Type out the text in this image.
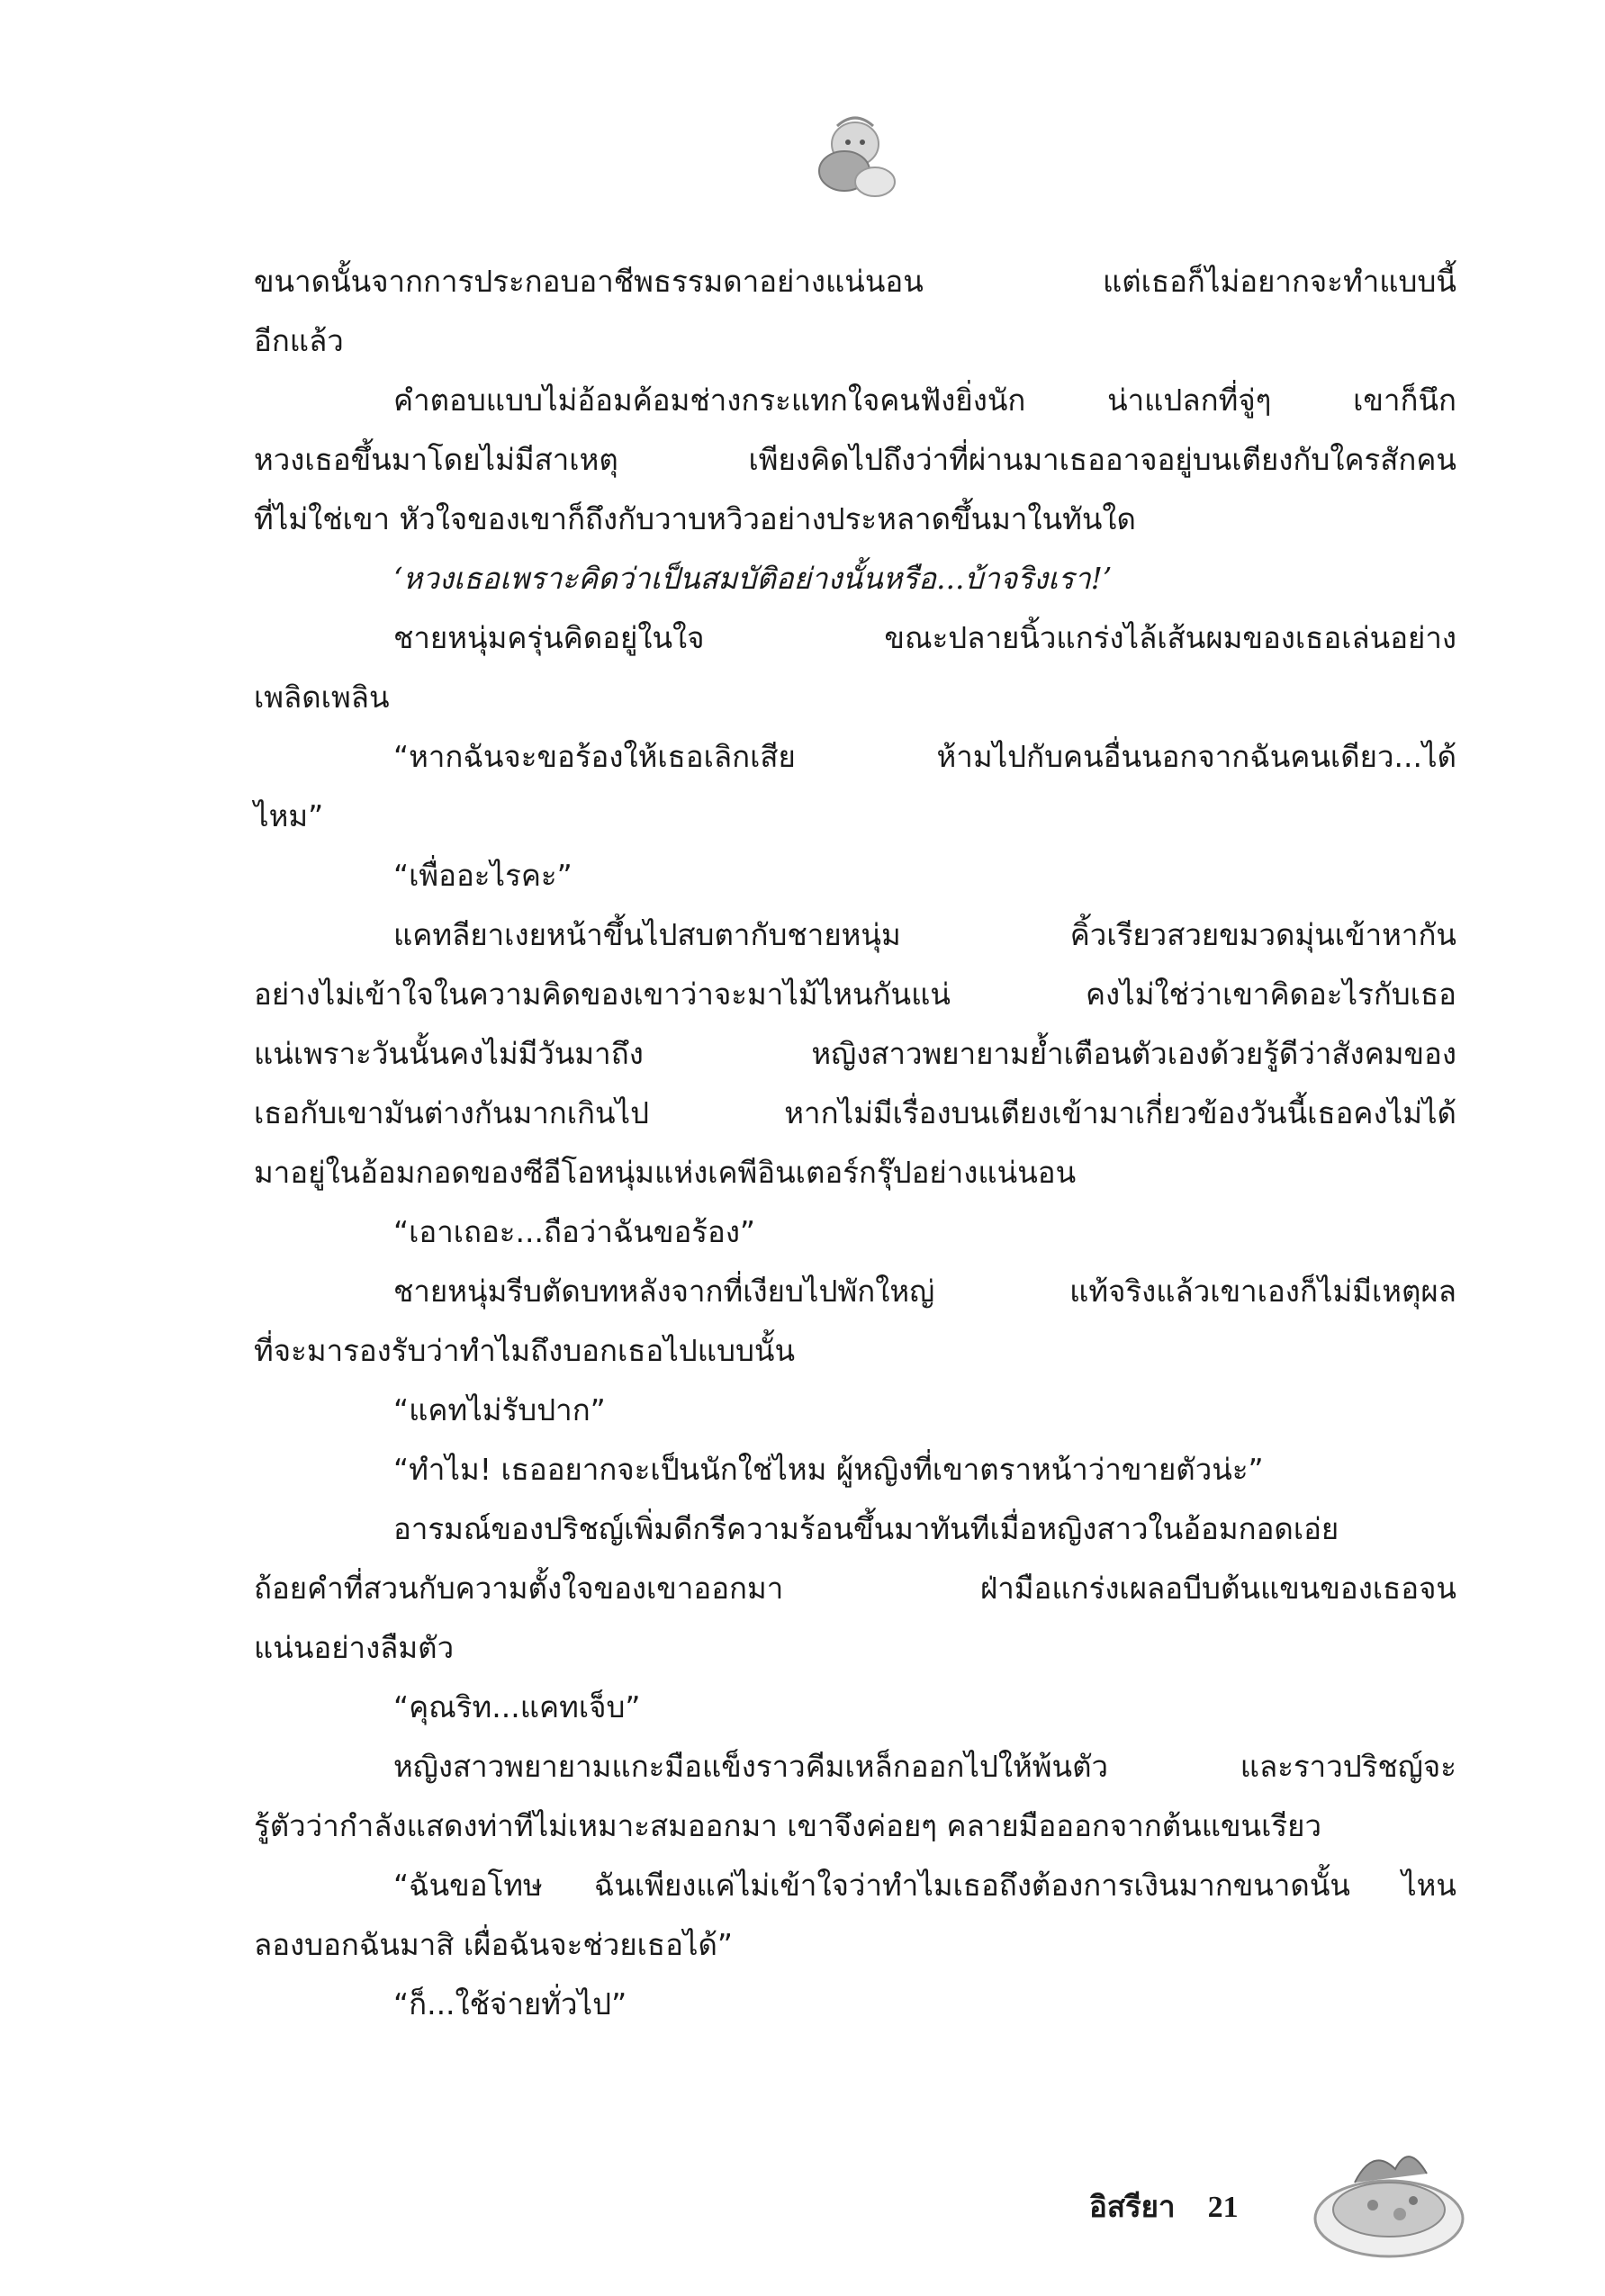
ขนาดนั้นจากการประกอบอาชีพธรรมดาอย่างแน่นอน แต่เธอก็ไม่อยากจะทำแบบนี้
อีกแล้ว
คำตอบแบบไม่อ้อมค้อมช่างกระแทกใจคนฟังยิ่งนัก น่าแปลกที่จู่ๆ เขาก็นึก
หวงเธอขึ้นมาโดยไม่มีสาเหตุ เพียงคิดไปถึงว่าที่ผ่านมาเธออาจอยู่บนเตียงกับใครสักคน
ที่ไม่ใช่เขา หัวใจของเขาก็ถึงกับวาบหวิวอย่างประหลาดขึ้นมาในทันใด
‘หวงเธอเพราะคิดว่าเป็นสมบัติอย่างนั้นหรือ...บ้าจริงเรา!’
ชายหนุ่มครุ่นคิดอยู่ในใจ ขณะปลายนิ้วแกร่งไล้เส้นผมของเธอเล่นอย่าง
เพลิดเพลิน
“หากฉันจะขอร้องให้เธอเลิกเสีย ห้ามไปกับคนอื่นนอกจากฉันคนเดียว...ได้
ไหม”
“เพื่ออะไรคะ”
แคทลียาเงยหน้าขึ้นไปสบตากับชายหนุ่ม คิ้วเรียวสวยขมวดมุ่นเข้าหากัน
อย่างไม่เข้าใจในความคิดของเขาว่าจะมาไม้ไหนกันแน่ คงไม่ใช่ว่าเขาคิดอะไรกับเธอ
แน่เพราะวันนั้นคงไม่มีวันมาถึง หญิงสาวพยายามย้ำเตือนตัวเองด้วยรู้ดีว่าสังคมของ
เธอกับเขามันต่างกันมากเกินไป หากไม่มีเรื่องบนเตียงเข้ามาเกี่ยวข้องวันนี้เธอคงไม่ได้
มาอยู่ในอ้อมกอดของซีอีโอหนุ่มแห่งเคพีอินเตอร์กรุ๊ปอย่างแน่นอน
“เอาเถอะ...ถือว่าฉันขอร้อง”
ชายหนุ่มรีบตัดบทหลังจากที่เงียบไปพักใหญ่ แท้จริงแล้วเขาเองก็ไม่มีเหตุผล
ที่จะมารองรับว่าทำไมถึงบอกเธอไปแบบนั้น
“แคทไม่รับปาก”
“ทำไม! เธออยากจะเป็นนักใช่ไหม ผู้หญิงที่เขาตราหน้าว่าขายตัวน่ะ”
อารมณ์ของปริชญ์เพิ่มดีกรีความร้อนขึ้นมาทันทีเมื่อหญิงสาวในอ้อมกอดเอ่ย
ถ้อยคำที่สวนกับความตั้งใจของเขาออกมา ฝ่ามือแกร่งเผลอบีบต้นแขนของเธอจน
แน่นอย่างลืมตัว
“คุณริท...แคทเจ็บ”
หญิงสาวพยายามแกะมือแข็งราวคีมเหล็กออกไปให้พ้นตัว และราวปริชญ์จะ
รู้ตัวว่ากำลังแสดงท่าทีไม่เหมาะสมออกมา เขาจึงค่อยๆ คลายมือออกจากต้นแขนเรียว
“ฉันขอโทษ ฉันเพียงแค่ไม่เข้าใจว่าทำไมเธอถึงต้องการเงินมากขนาดนั้น ไหน
ลองบอกฉันมาสิ เผื่อฉันจะช่วยเธอได้”
“ก็...ใช้จ่ายทั่วไป”
อิสรียา 21
